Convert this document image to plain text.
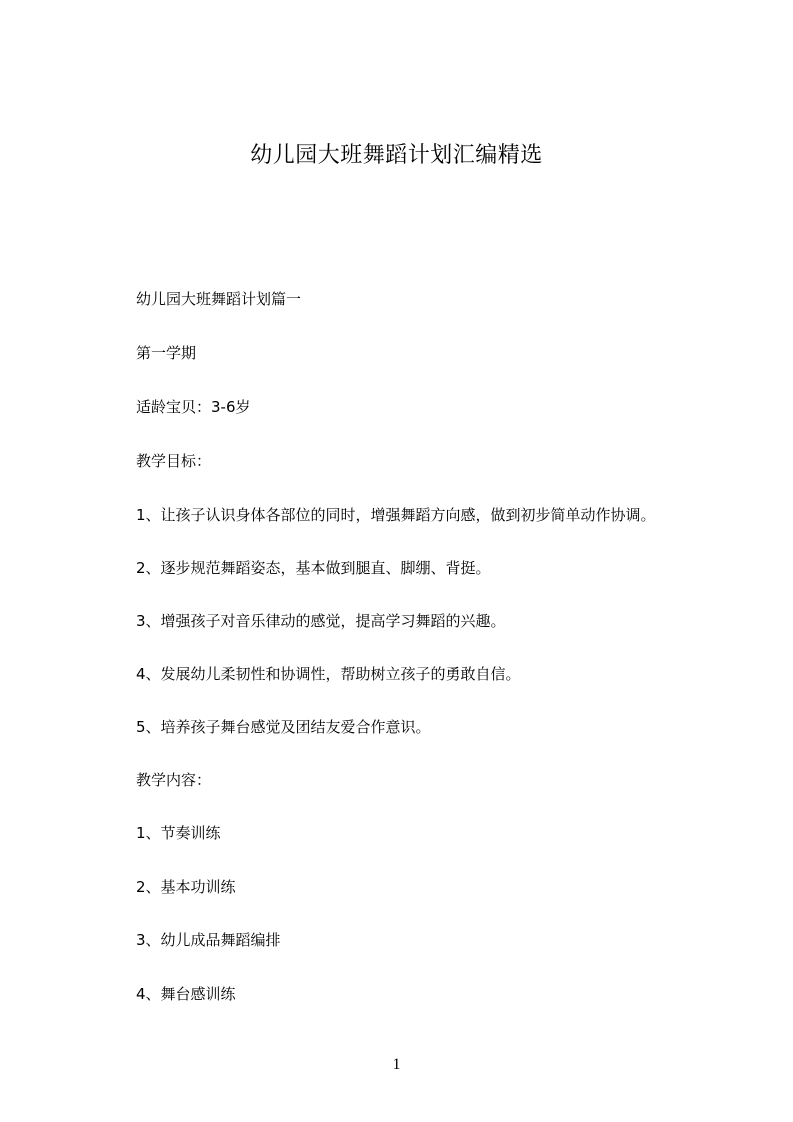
幼儿园大班舞蹈计划汇编精选
幼儿园大班舞蹈计划篇一
第一学期
适龄宝贝：3-6岁
教学目标：
1、让孩子认识身体各部位的同时，增强舞蹈方向感，做到初步简单动作协调。
2、逐步规范舞蹈姿态，基本做到腿直、脚绷、背挺。
3、增强孩子对音乐律动的感觉，提高学习舞蹈的兴趣。
4、发展幼儿柔韧性和协调性，帮助树立孩子的勇敢自信。
5、培养孩子舞台感觉及团结友爱合作意识。
教学内容：
1、节奏训练
2、基本功训练
3、幼儿成品舞蹈编排
4、舞台感训练
1
